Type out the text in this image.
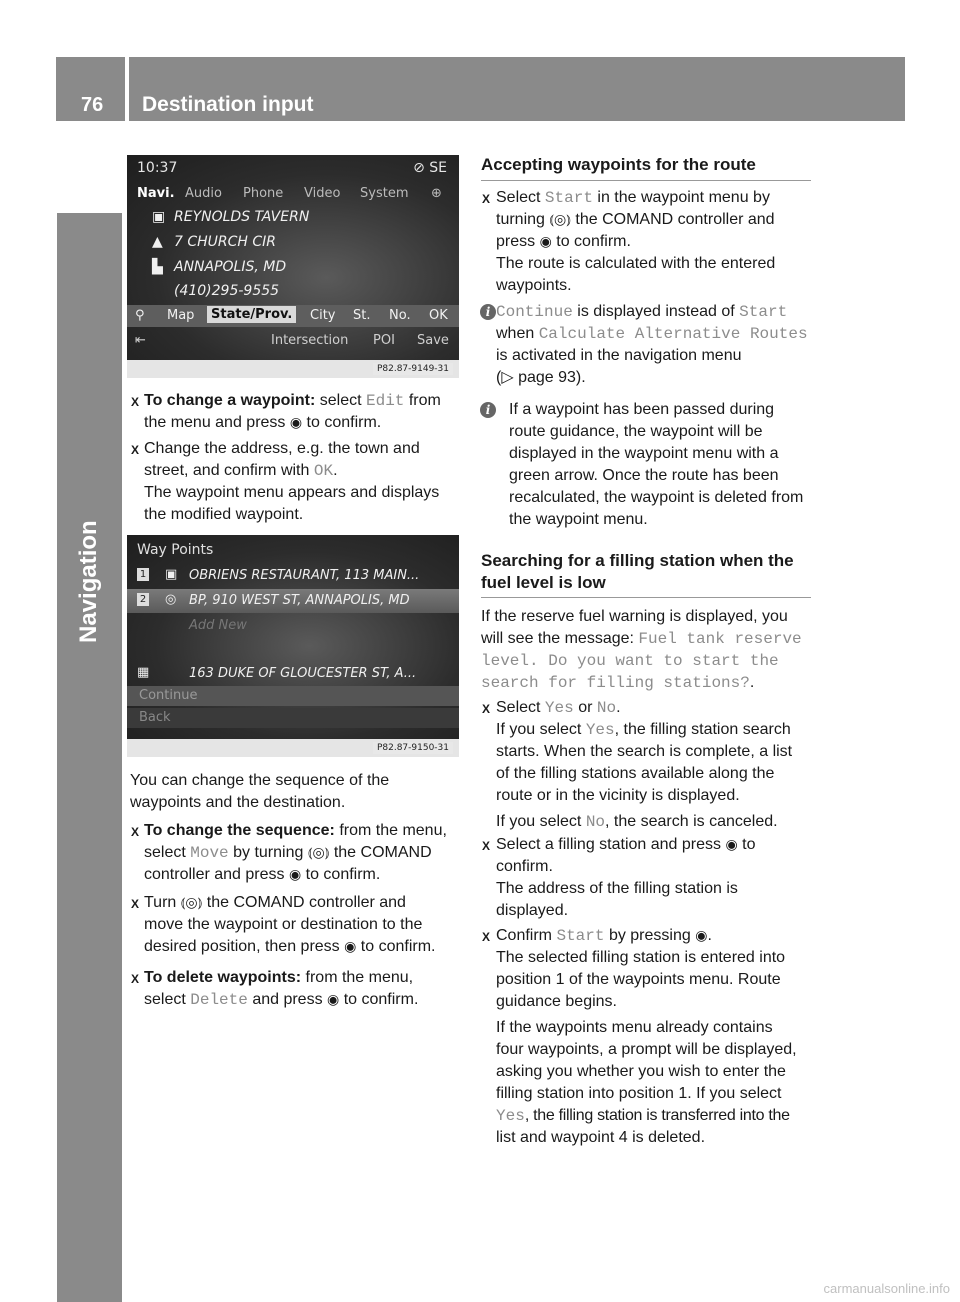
76 Destination input
Navigation
10:37	⊘ SE
Navi. Audio Phone Video System ⊕
▣ REYNOLDS TAVERN
▲ 7 CHURCH CIR
▙ ANNAPOLIS, MD
(410)295-9555
⚲ Map	State/Prov.	City St. No. OK
⇤	Intersection POI Save
P82.87-9149-31
X To change a waypoint: select Edit from
the menu and press ◉ to confirm.
X Change the address, e.g. the town and
street, and confirm with OK.
The waypoint menu appears and displays
the modified waypoint.
Way Points
1 ▣ OBRIENS RESTAURANT, 113 MAIN...
2 ◎ BP, 910 WEST ST, ANNAPOLIS, MD
Add New
▦	163 DUKE OF GLOUCESTER ST, A...
Continue
Back
P82.87-9150-31
You can change the sequence of the
waypoints and the destination.
X To change the sequence: from the menu,
select Move by turning ⦅◎⦆ the COMAND
controller and press ◉ to confirm.
X Turn ⦅◎⦆ the COMAND controller and
move the waypoint or destination to the
desired position, then press ◉ to confirm.
X To delete waypoints: from the menu,
select Delete and press ◉ to confirm.
Accepting waypoints for the route
X Select Start in the waypoint menu by
turning ⦅◎⦆ the COMAND controller and
press ◉ to confirm.
The route is calculated with the entered
waypoints.
i Continue is displayed instead of Start
when Calculate Alternative Routes
is activated in the navigation menu
(▷ page 93).
i	If a waypoint has been passed during
route guidance, the waypoint will be
displayed in the waypoint menu with a
green arrow. Once the route has been
recalculated, the waypoint is deleted from
the waypoint menu.
Searching for a filling station when the
fuel level is low
If the reserve fuel warning is displayed, you
will see the message: Fuel tank reserve
level. Do you want to start the
search for filling stations?.
X Select Yes or No.
If you select Yes, the filling station search
starts. When the search is complete, a list
of the filling stations available along the
route or in the vicinity is displayed.
If you select No, the search is canceled.
X Select a filling station and press ◉ to
confirm.
The address of the filling station is
displayed.
X Confirm Start by pressing ◉.
The selected filling station is entered into
position 1 of the waypoints menu. Route
guidance begins.
If the waypoints menu already contains
four waypoints, a prompt will be displayed,
asking you whether you wish to enter the
filling station into position 1. If you select
Yes, the filling station is transferred into the
list and waypoint 4 is deleted.
carmanualsonline.info
